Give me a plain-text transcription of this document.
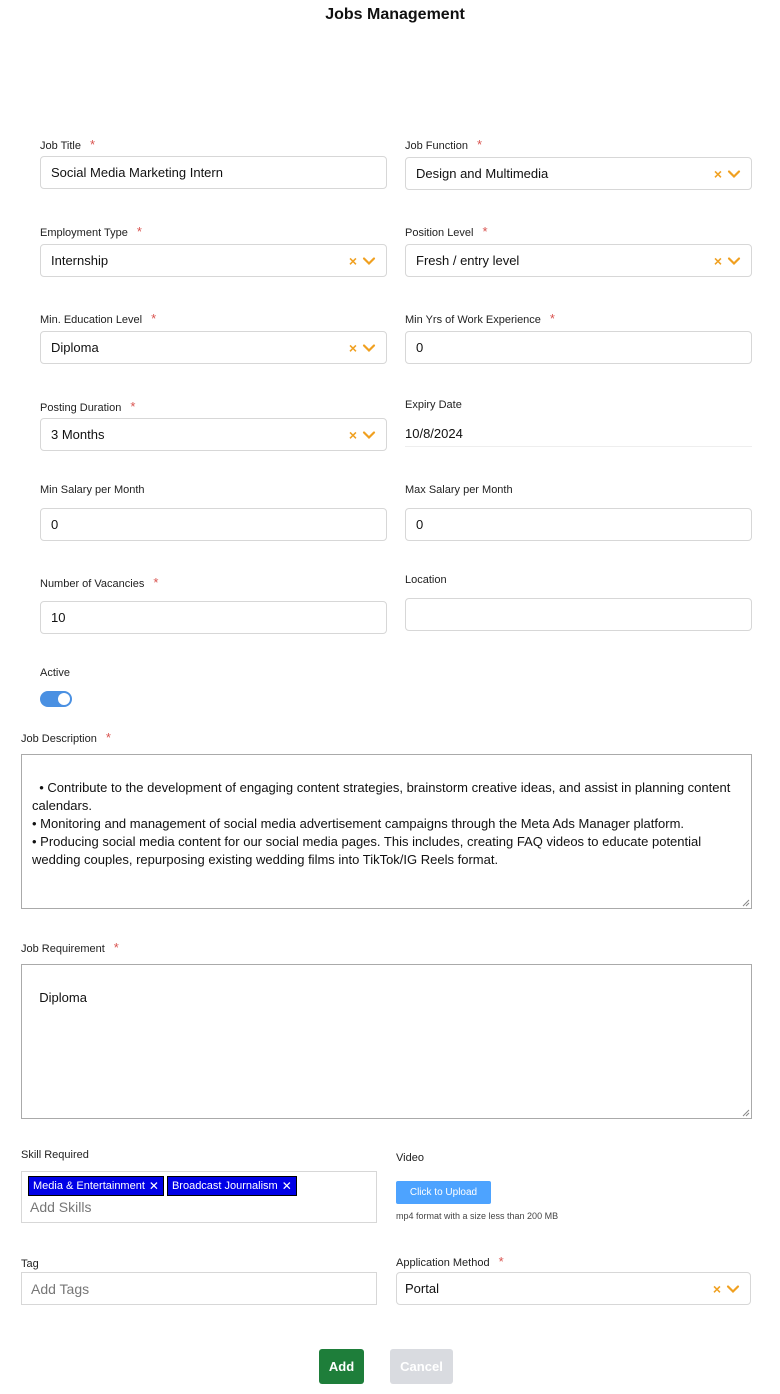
Jobs Management
Job Title *
Social Media Marketing Intern
Job Function *
Design and Multimedia	×
Employment Type *
Internship	×
Position Level *
Fresh / entry level	×
Min. Education Level *
Diploma	×
Min Yrs of Work Experience *
0
Posting Duration *
3 Months	×
Expiry Date
10/8/2024
Min Salary per Month
0
Max Salary per Month
0
Number of Vacancies *
10
Location
Active
Job Description *

• Contribute to the development of engaging content strategies, brainstorm creative ideas, and assist in planning content calendars.
• Monitoring and management of social media advertisement campaigns through the Meta Ads Manager platform.
• Producing social media content for our social media pages. This includes, creating FAQ videos to educate potential wedding couples, repurposing existing wedding films into TikTok/IG Reels format.

Job Requirement *

Diploma

Skill Required
Media & Entertainment ✕ Broadcast Journalism ✕
Add Skills
Video
Click to Upload
mp4 format with a size less than 200 MB
Tag
Add Tags
Application Method *
Portal	×
Add	Cancel
